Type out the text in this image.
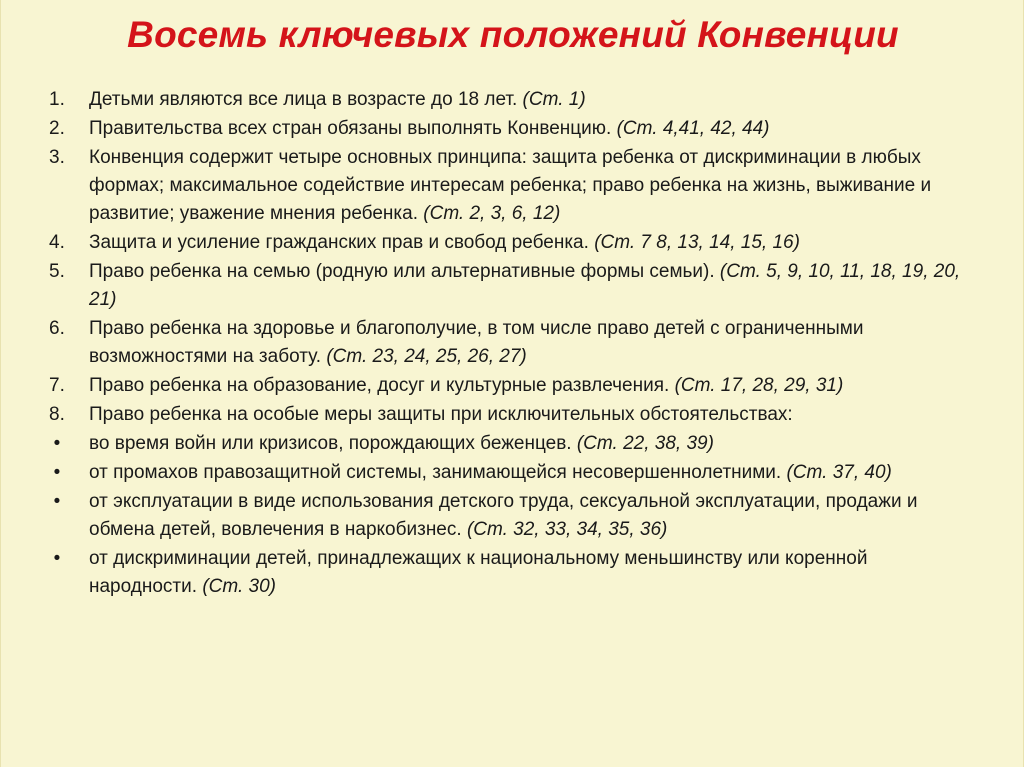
Восемь ключевых положений Конвенции
1. Детьми являются все лица в возрасте до 18 лет. (Ст. 1)
2. Правительства всех стран обязаны выполнять Конвенцию. (Ст. 4,41, 42, 44)
3. Конвенция содержит четыре основных принципа: защита ребенка от дискриминации в любых формах; максимальное содействие интересам ребенка; право ребенка на жизнь, выживание и развитие; уважение мнения ребенка. (Ст. 2, 3, 6, 12)
4. Защита и усиление гражданских прав и свобод ребенка. (Ст. 7 8, 13, 14, 15, 16)
5. Право ребенка на семью (родную или альтернативные формы семьи). (Ст. 5, 9, 10, 11, 18, 19, 20, 21)
6. Право ребенка на здоровье и благополучие, в том числе право детей с ограниченными возможностями на заботу. (Ст. 23, 24, 25, 26, 27)
7. Право ребенка на образование, досуг и культурные развлечения. (Ст. 17, 28, 29, 31)
8. Право ребенка на особые меры защиты при исключительных обстоятельствах:
• во время войн или кризисов, порождающих беженцев. (Ст. 22, 38, 39)
• от промахов правозащитной системы, занимающейся несовершеннолетними. (Ст. 37, 40)
• от эксплуатации в виде использования детского труда, сексуальной эксплуатации, продажи и обмена детей, вовлечения в наркобизнес. (Ст. 32, 33, 34, 35, 36)
• от дискриминации детей, принадлежащих к национальному меньшинству или коренной народности. (Ст. 30)
